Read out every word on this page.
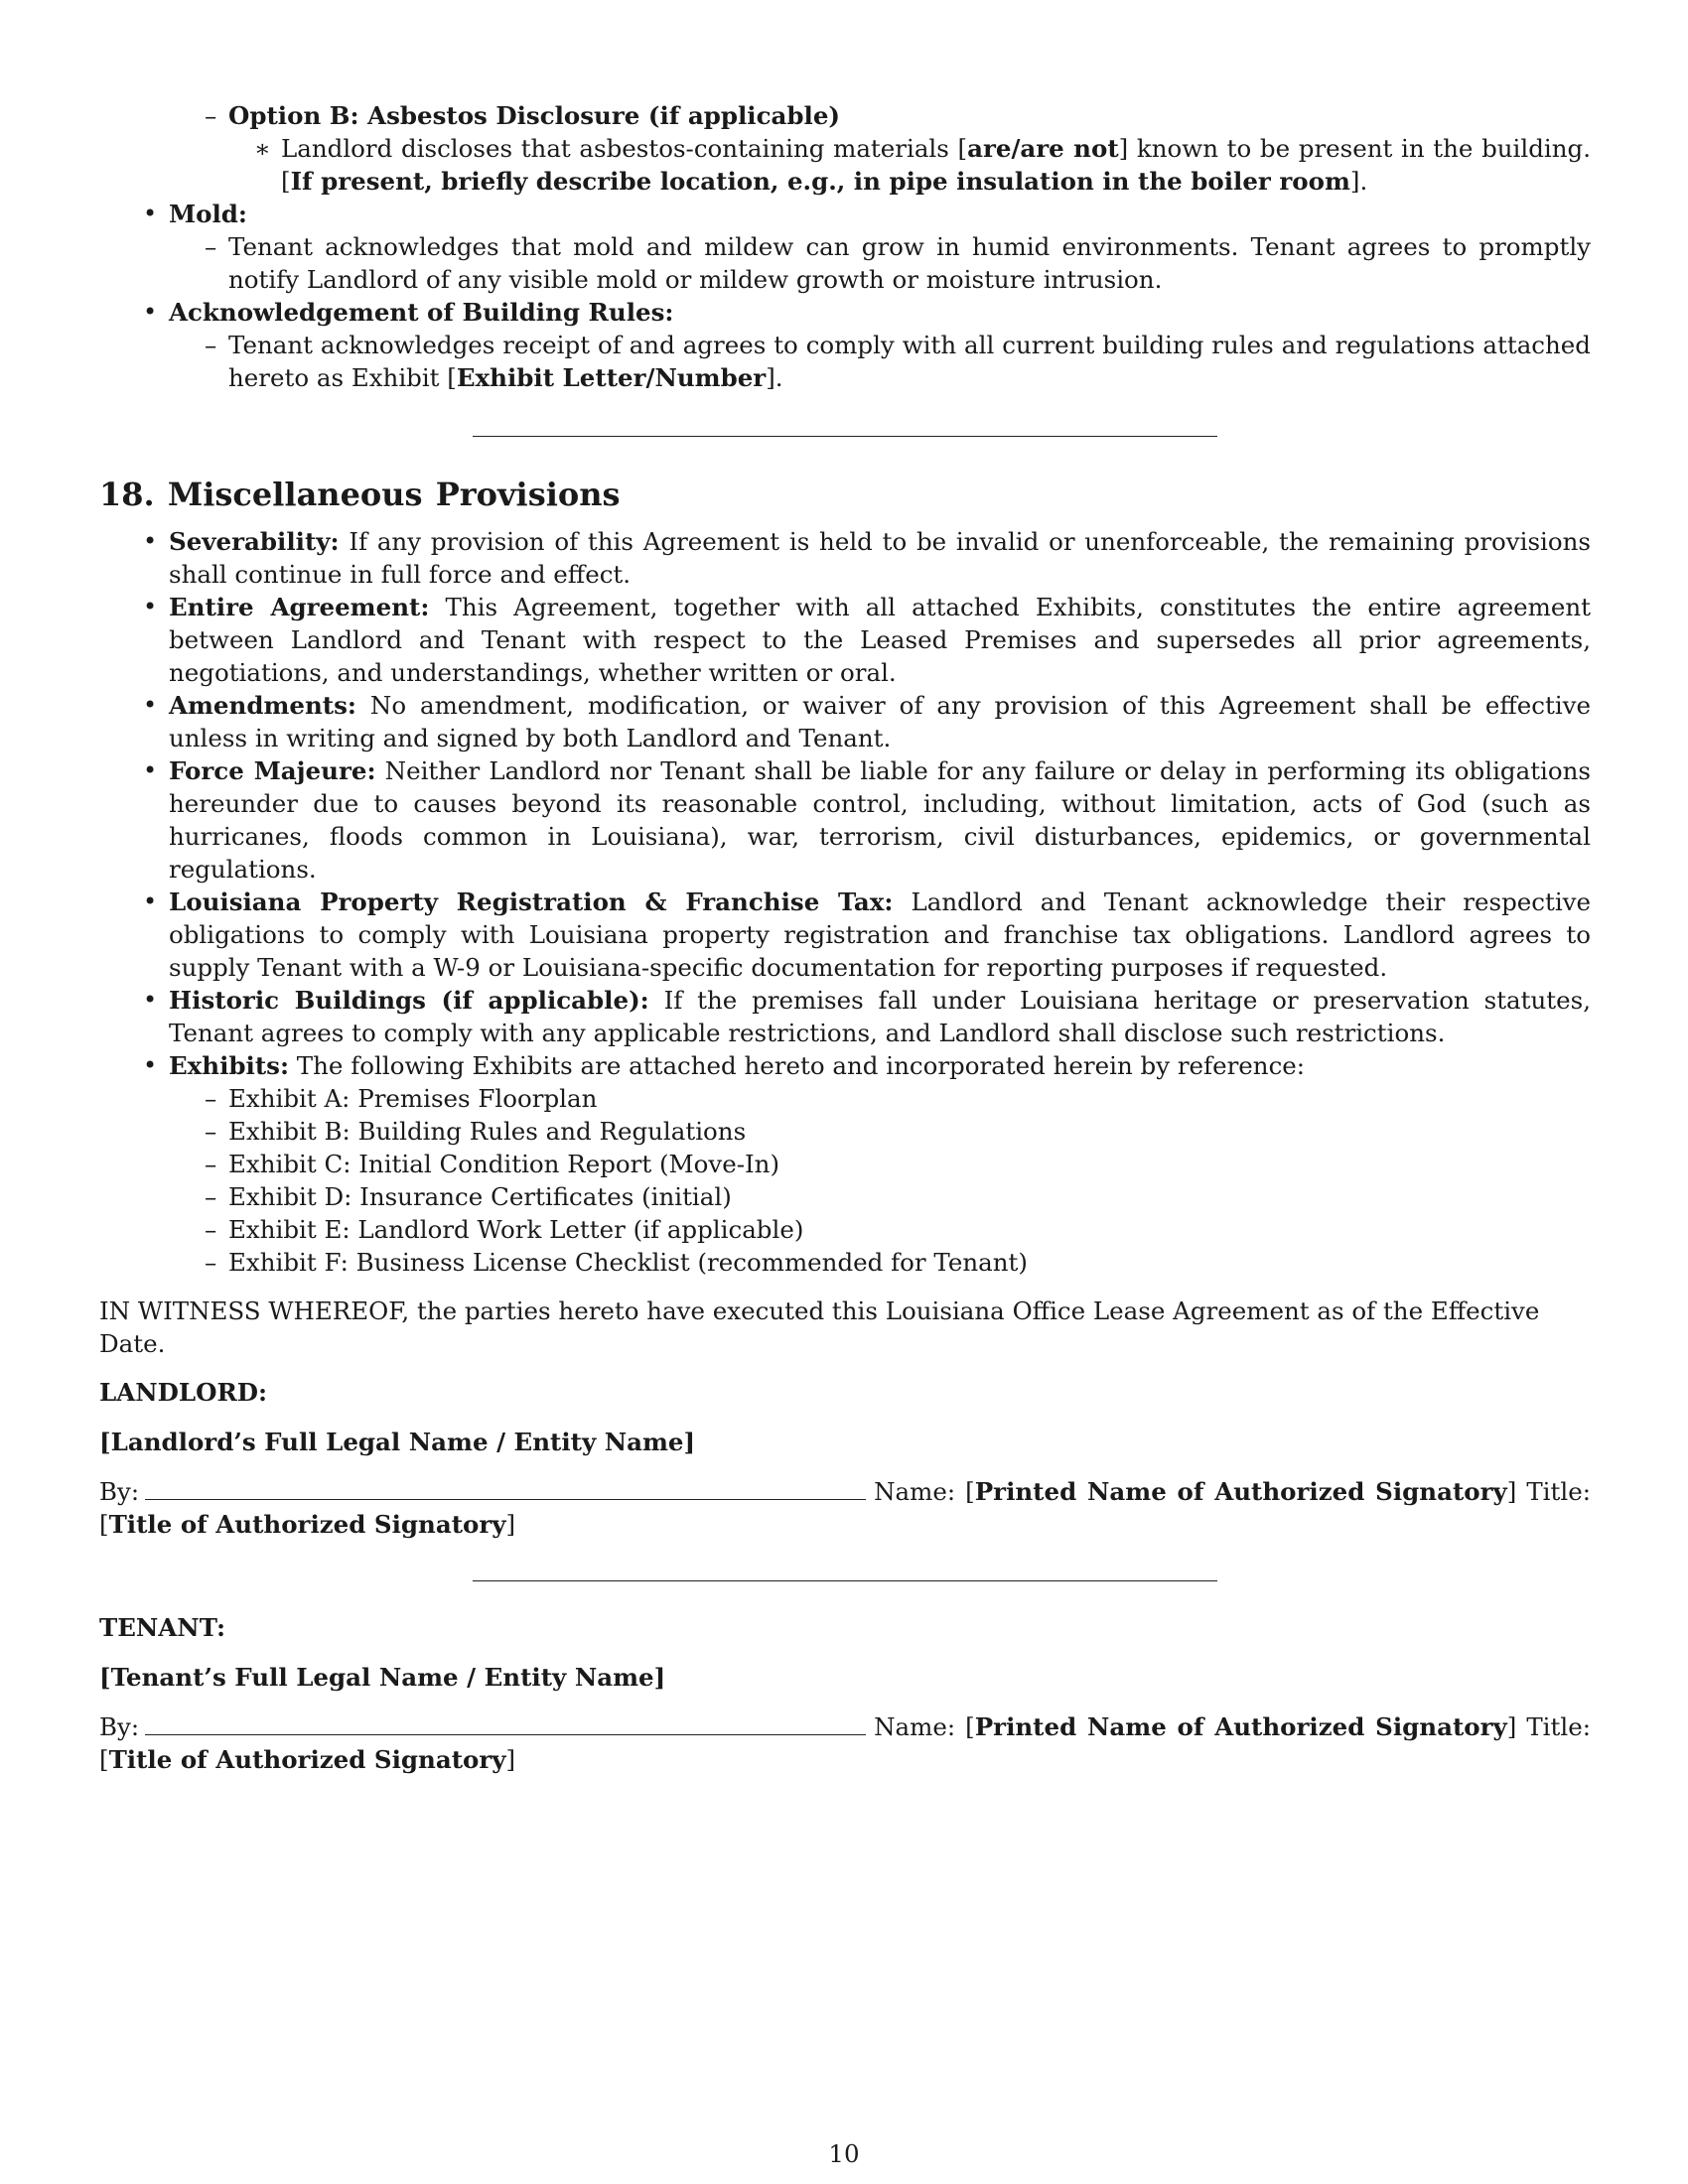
– Option B: Asbestos Disclosure (if applicable)
∗ Landlord discloses that asbestos-containing materials [are/are not] known to be present in the building. [If present, briefly describe location, e.g., in pipe insulation in the boiler room].
• Mold:
– Tenant acknowledges that mold and mildew can grow in humid environments. Tenant agrees to promptly notify Landlord of any visible mold or mildew growth or moisture intrusion.
• Acknowledgement of Building Rules:
– Tenant acknowledges receipt of and agrees to comply with all current building rules and regulations attached hereto as Exhibit [Exhibit Letter/Number].
18. Miscellaneous Provisions
• Severability: If any provision of this Agreement is held to be invalid or unenforceable, the remaining provisions shall continue in full force and effect.
• Entire Agreement: This Agreement, together with all attached Exhibits, constitutes the entire agreement between Landlord and Tenant with respect to the Leased Premises and supersedes all prior agreements, negotiations, and understandings, whether written or oral.
• Amendments: No amendment, modification, or waiver of any provision of this Agreement shall be effective unless in writing and signed by both Landlord and Tenant.
• Force Majeure: Neither Landlord nor Tenant shall be liable for any failure or delay in performing its obligations hereunder due to causes beyond its reasonable control, including, without limitation, acts of God (such as hurricanes, floods common in Louisiana), war, terrorism, civil disturbances, epidemics, or governmental regulations.
• Louisiana Property Registration & Franchise Tax: Landlord and Tenant acknowledge their respective obligations to comply with Louisiana property registration and franchise tax obligations. Landlord agrees to supply Tenant with a W-9 or Louisiana-specific documentation for reporting purposes if requested.
• Historic Buildings (if applicable): If the premises fall under Louisiana heritage or preservation statutes, Tenant agrees to comply with any applicable restrictions, and Landlord shall disclose such restrictions.
• Exhibits: The following Exhibits are attached hereto and incorporated herein by reference:
– Exhibit A: Premises Floorplan
– Exhibit B: Building Rules and Regulations
– Exhibit C: Initial Condition Report (Move-In)
– Exhibit D: Insurance Certificates (initial)
– Exhibit E: Landlord Work Letter (if applicable)
– Exhibit F: Business License Checklist (recommended for Tenant)
IN WITNESS WHEREOF, the parties hereto have executed this Louisiana Office Lease Agreement as of the Effective Date.
LANDLORD:
[Landlord’s Full Legal Name / Entity Name]
By:	Name: [Printed Name of Authorized Signatory] Title: [Title of Authorized Signatory]
TENANT:
[Tenant’s Full Legal Name / Entity Name]
By:	Name: [Printed Name of Authorized Signatory] Title: [Title of Authorized Signatory]
10
